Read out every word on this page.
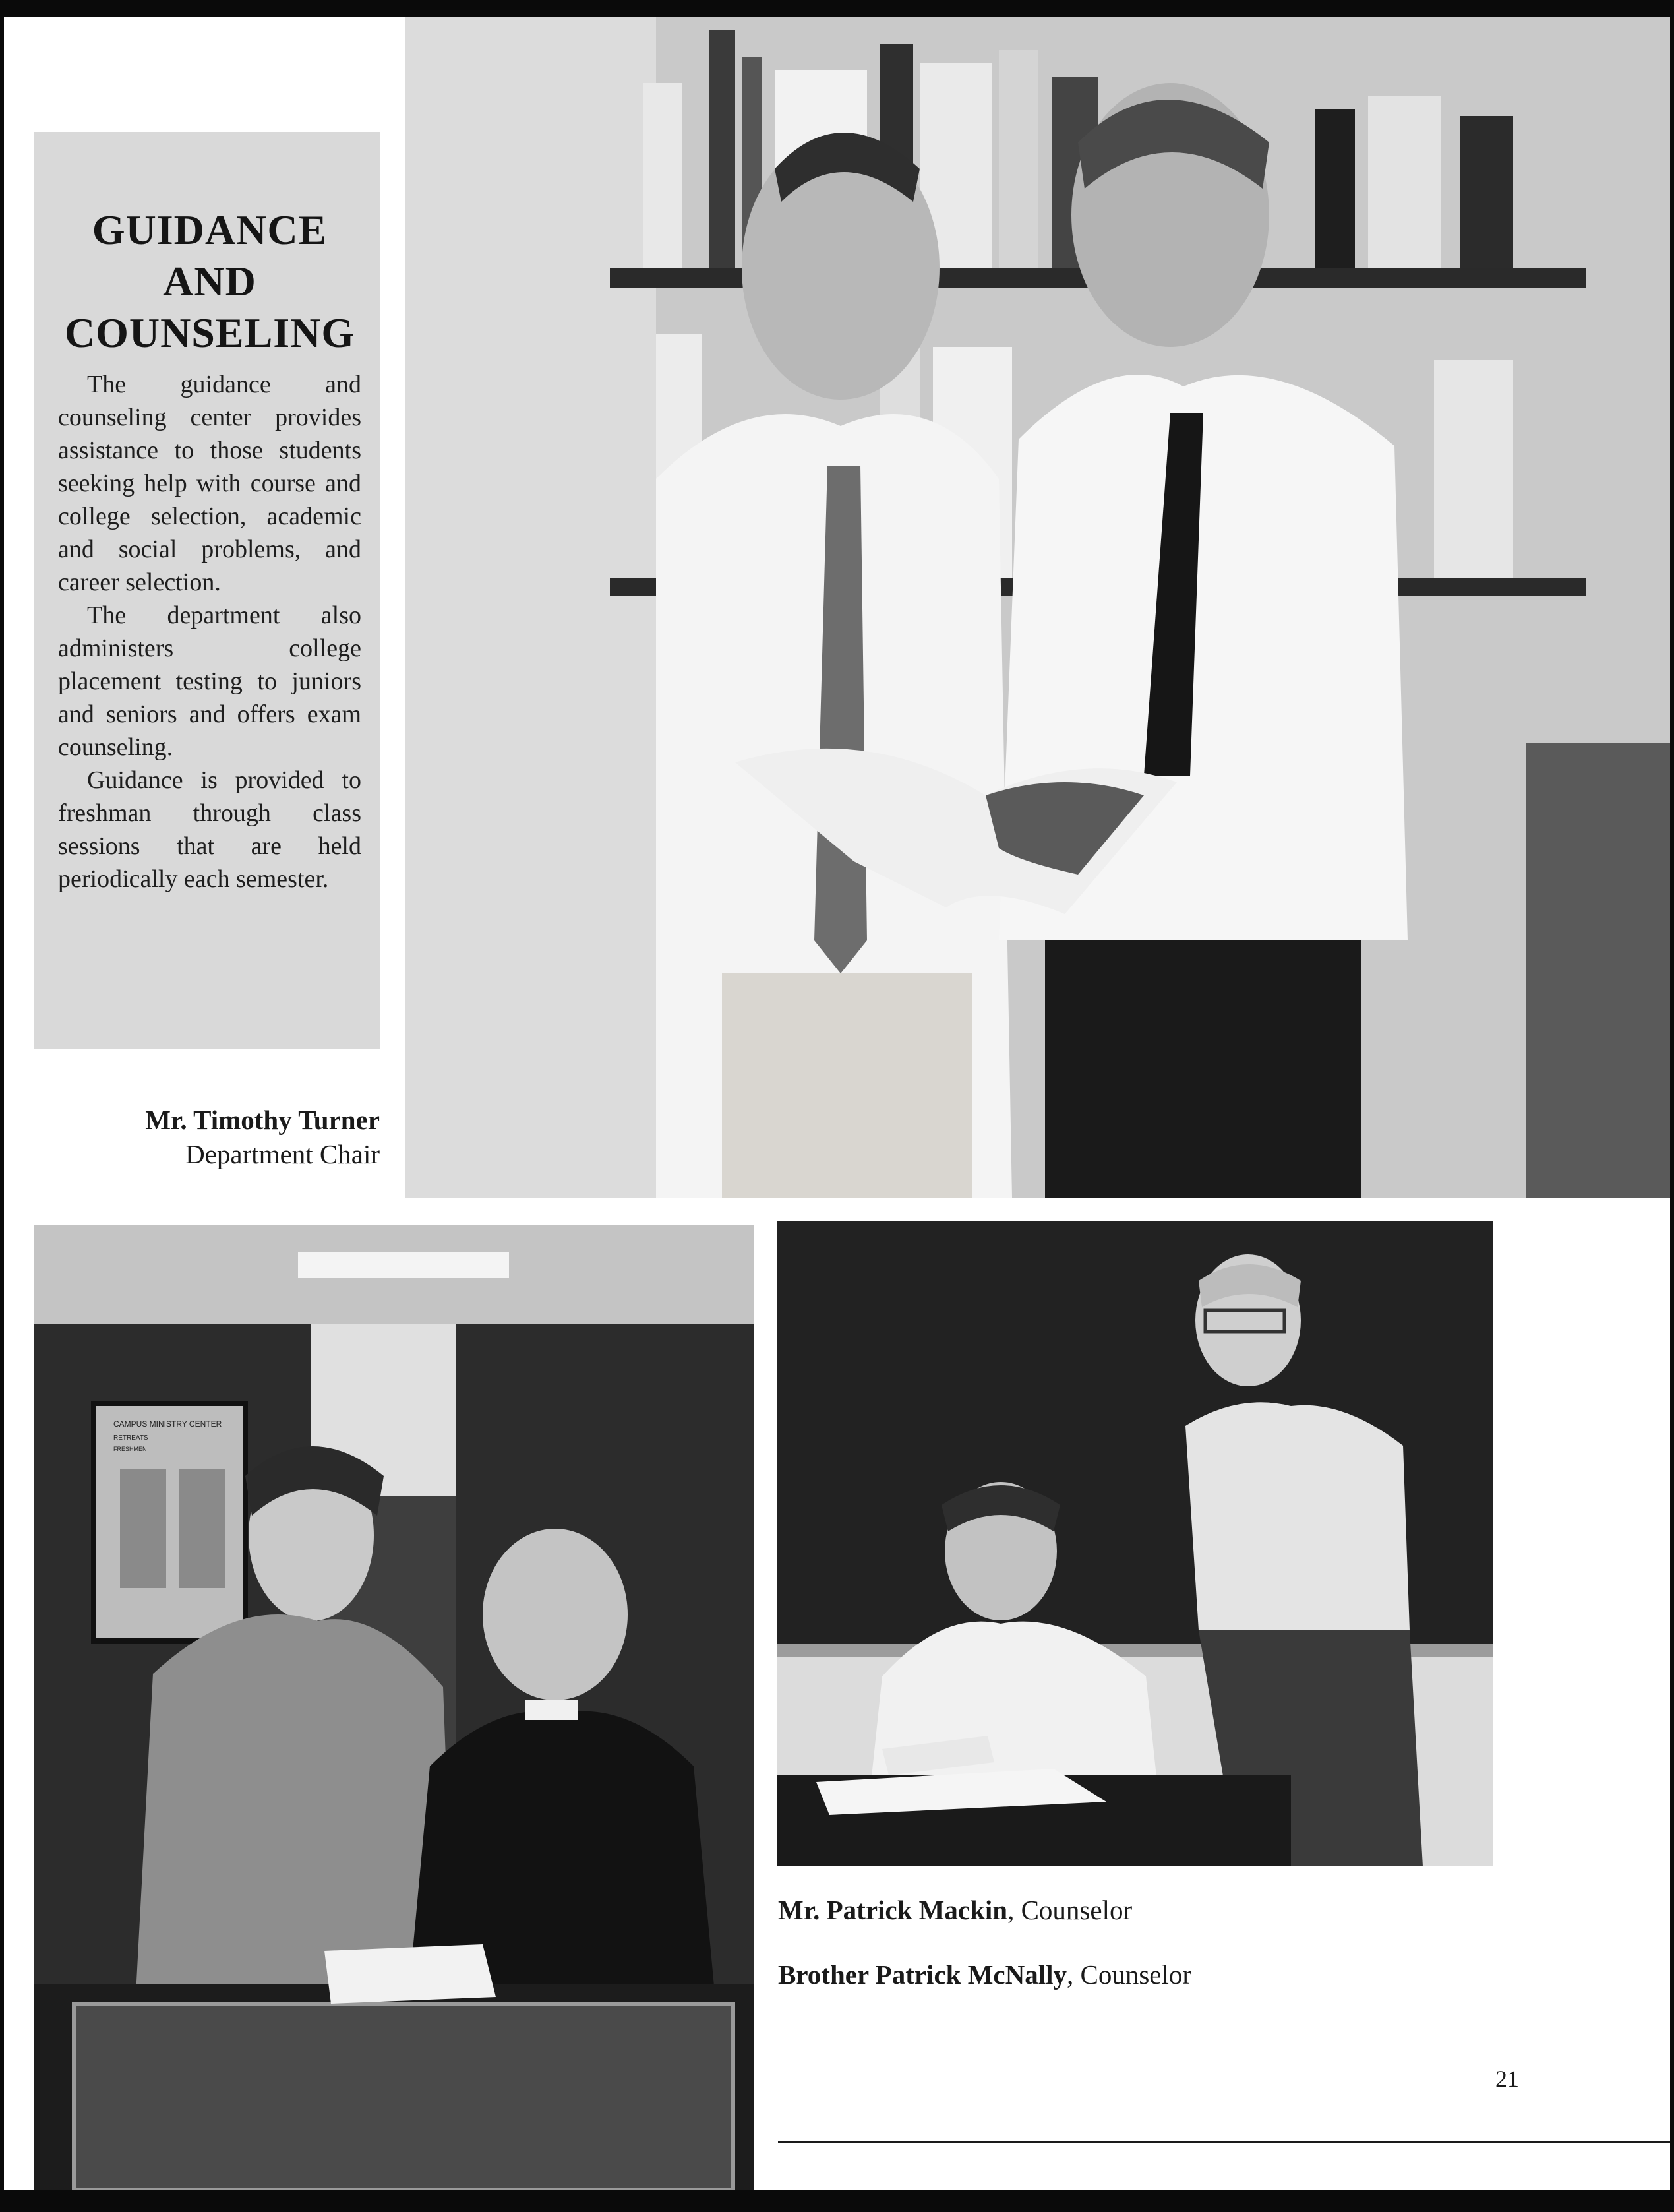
GUIDANCE
AND
COUNSELING

The guidance and counseling center provides assistance to those students seeking help with course and college selection, academic and social problems, and career selection.

The department also administers college placement testing to juniors and seniors and offers exam counseling.

Guidance is provided to freshman through class sessions that are held periodically each semester.

Mr. Timothy Turner
Department Chair
CAMPUS MINISTRY CENTER
RETREATS
FRESHMEN

Mr. Patrick Mackin, Counselor

Brother Patrick McNally, Counselor

21
